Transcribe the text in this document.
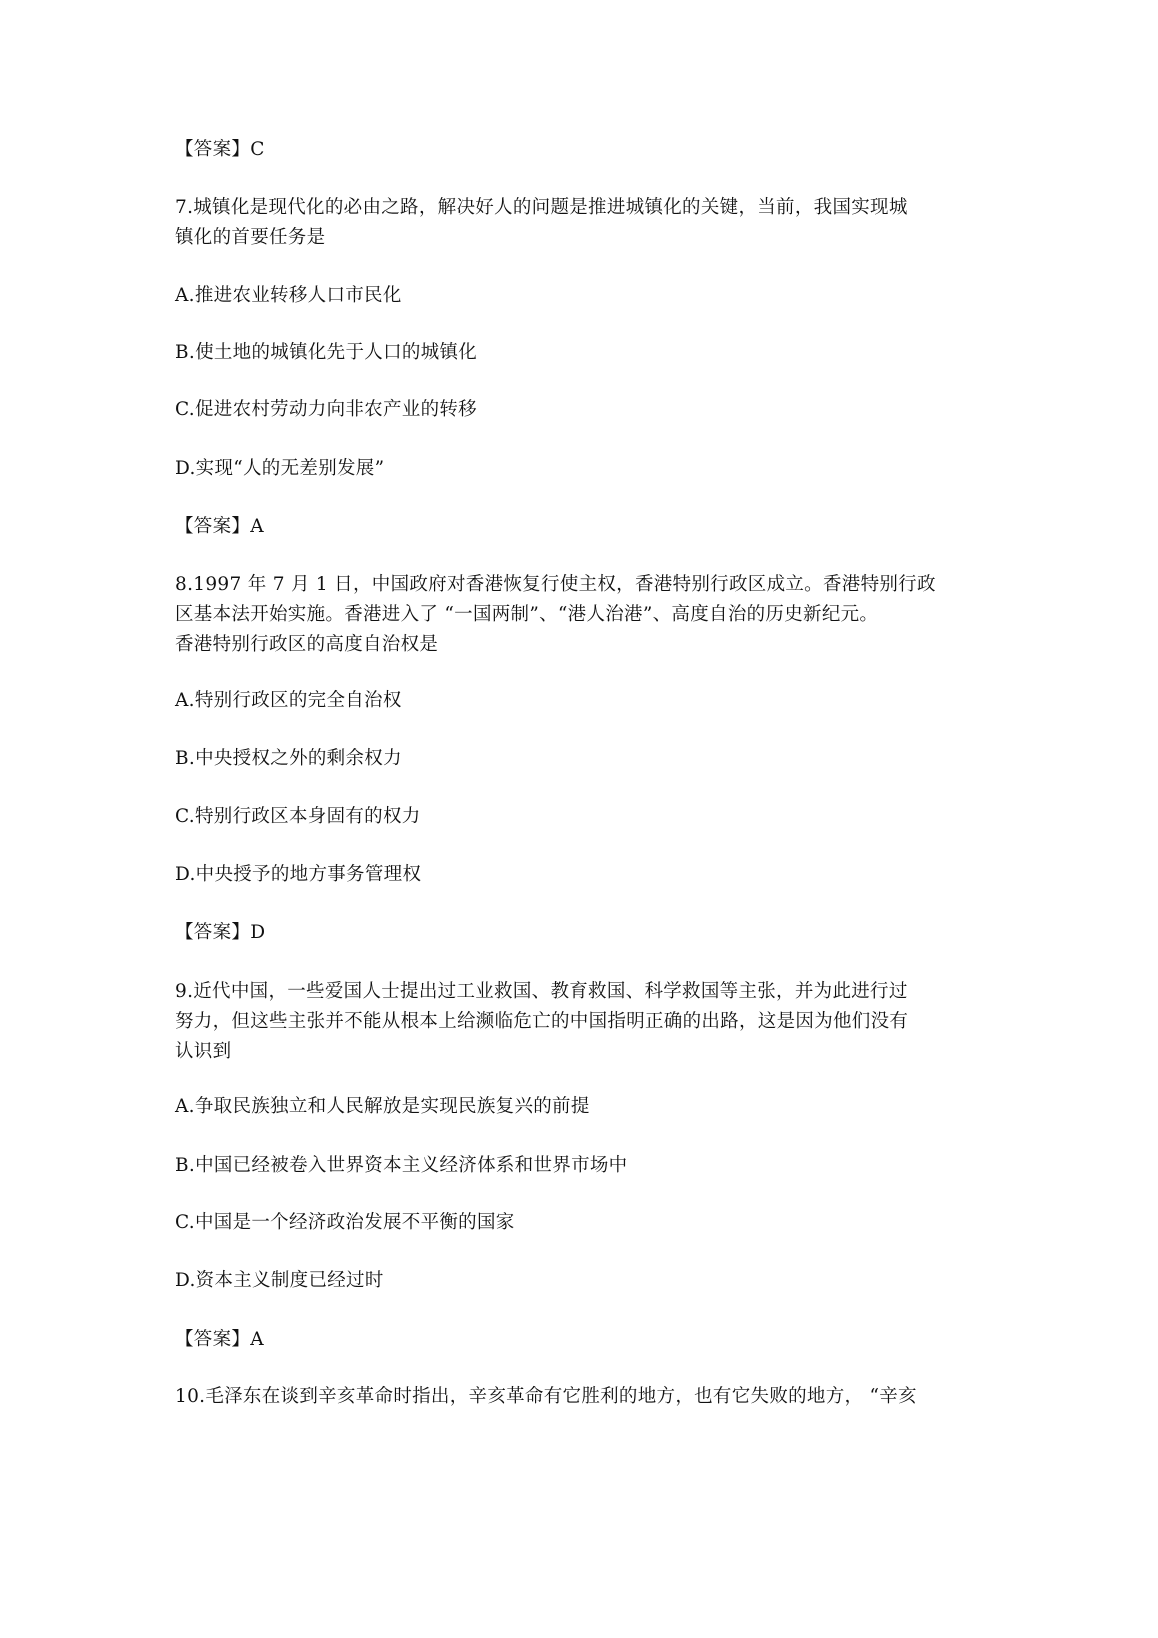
【答案】C
7.城镇化是现代化的必由之路，解决好人的问题是推进城镇化的关键，当前，我国实现城
镇化的首要任务是
A.推进农业转移人口市民化
B.使土地的城镇化先于人口的城镇化
C.促进农村劳动力向非农产业的转移
D.实现“人的无差别发展”
【答案】A
8.1997 年 7 月 1 日，中国政府对香港恢复行使主权，香港特别行政区成立。香港特别行政
区基本法开始实施。香港进入了 “一国两制”、“港人治港”、高度自治的历史新纪元。
香港特别行政区的高度自治权是
A.特别行政区的完全自治权
B.中央授权之外的剩余权力
C.特别行政区本身固有的权力
D.中央授予的地方事务管理权
【答案】D
9.近代中国，一些爱国人士提出过工业救国、教育救国、科学救国等主张，并为此进行过
努力，但这些主张并不能从根本上给濒临危亡的中国指明正确的出路，这是因为他们没有
认识到
A.争取民族独立和人民解放是实现民族复兴的前提
B.中国已经被卷入世界资本主义经济体系和世界市场中
C.中国是一个经济政治发展不平衡的国家
D.资本主义制度已经过时
【答案】A
10.毛泽东在谈到辛亥革命时指出，辛亥革命有它胜利的地方，也有它失败的地方， “辛亥
